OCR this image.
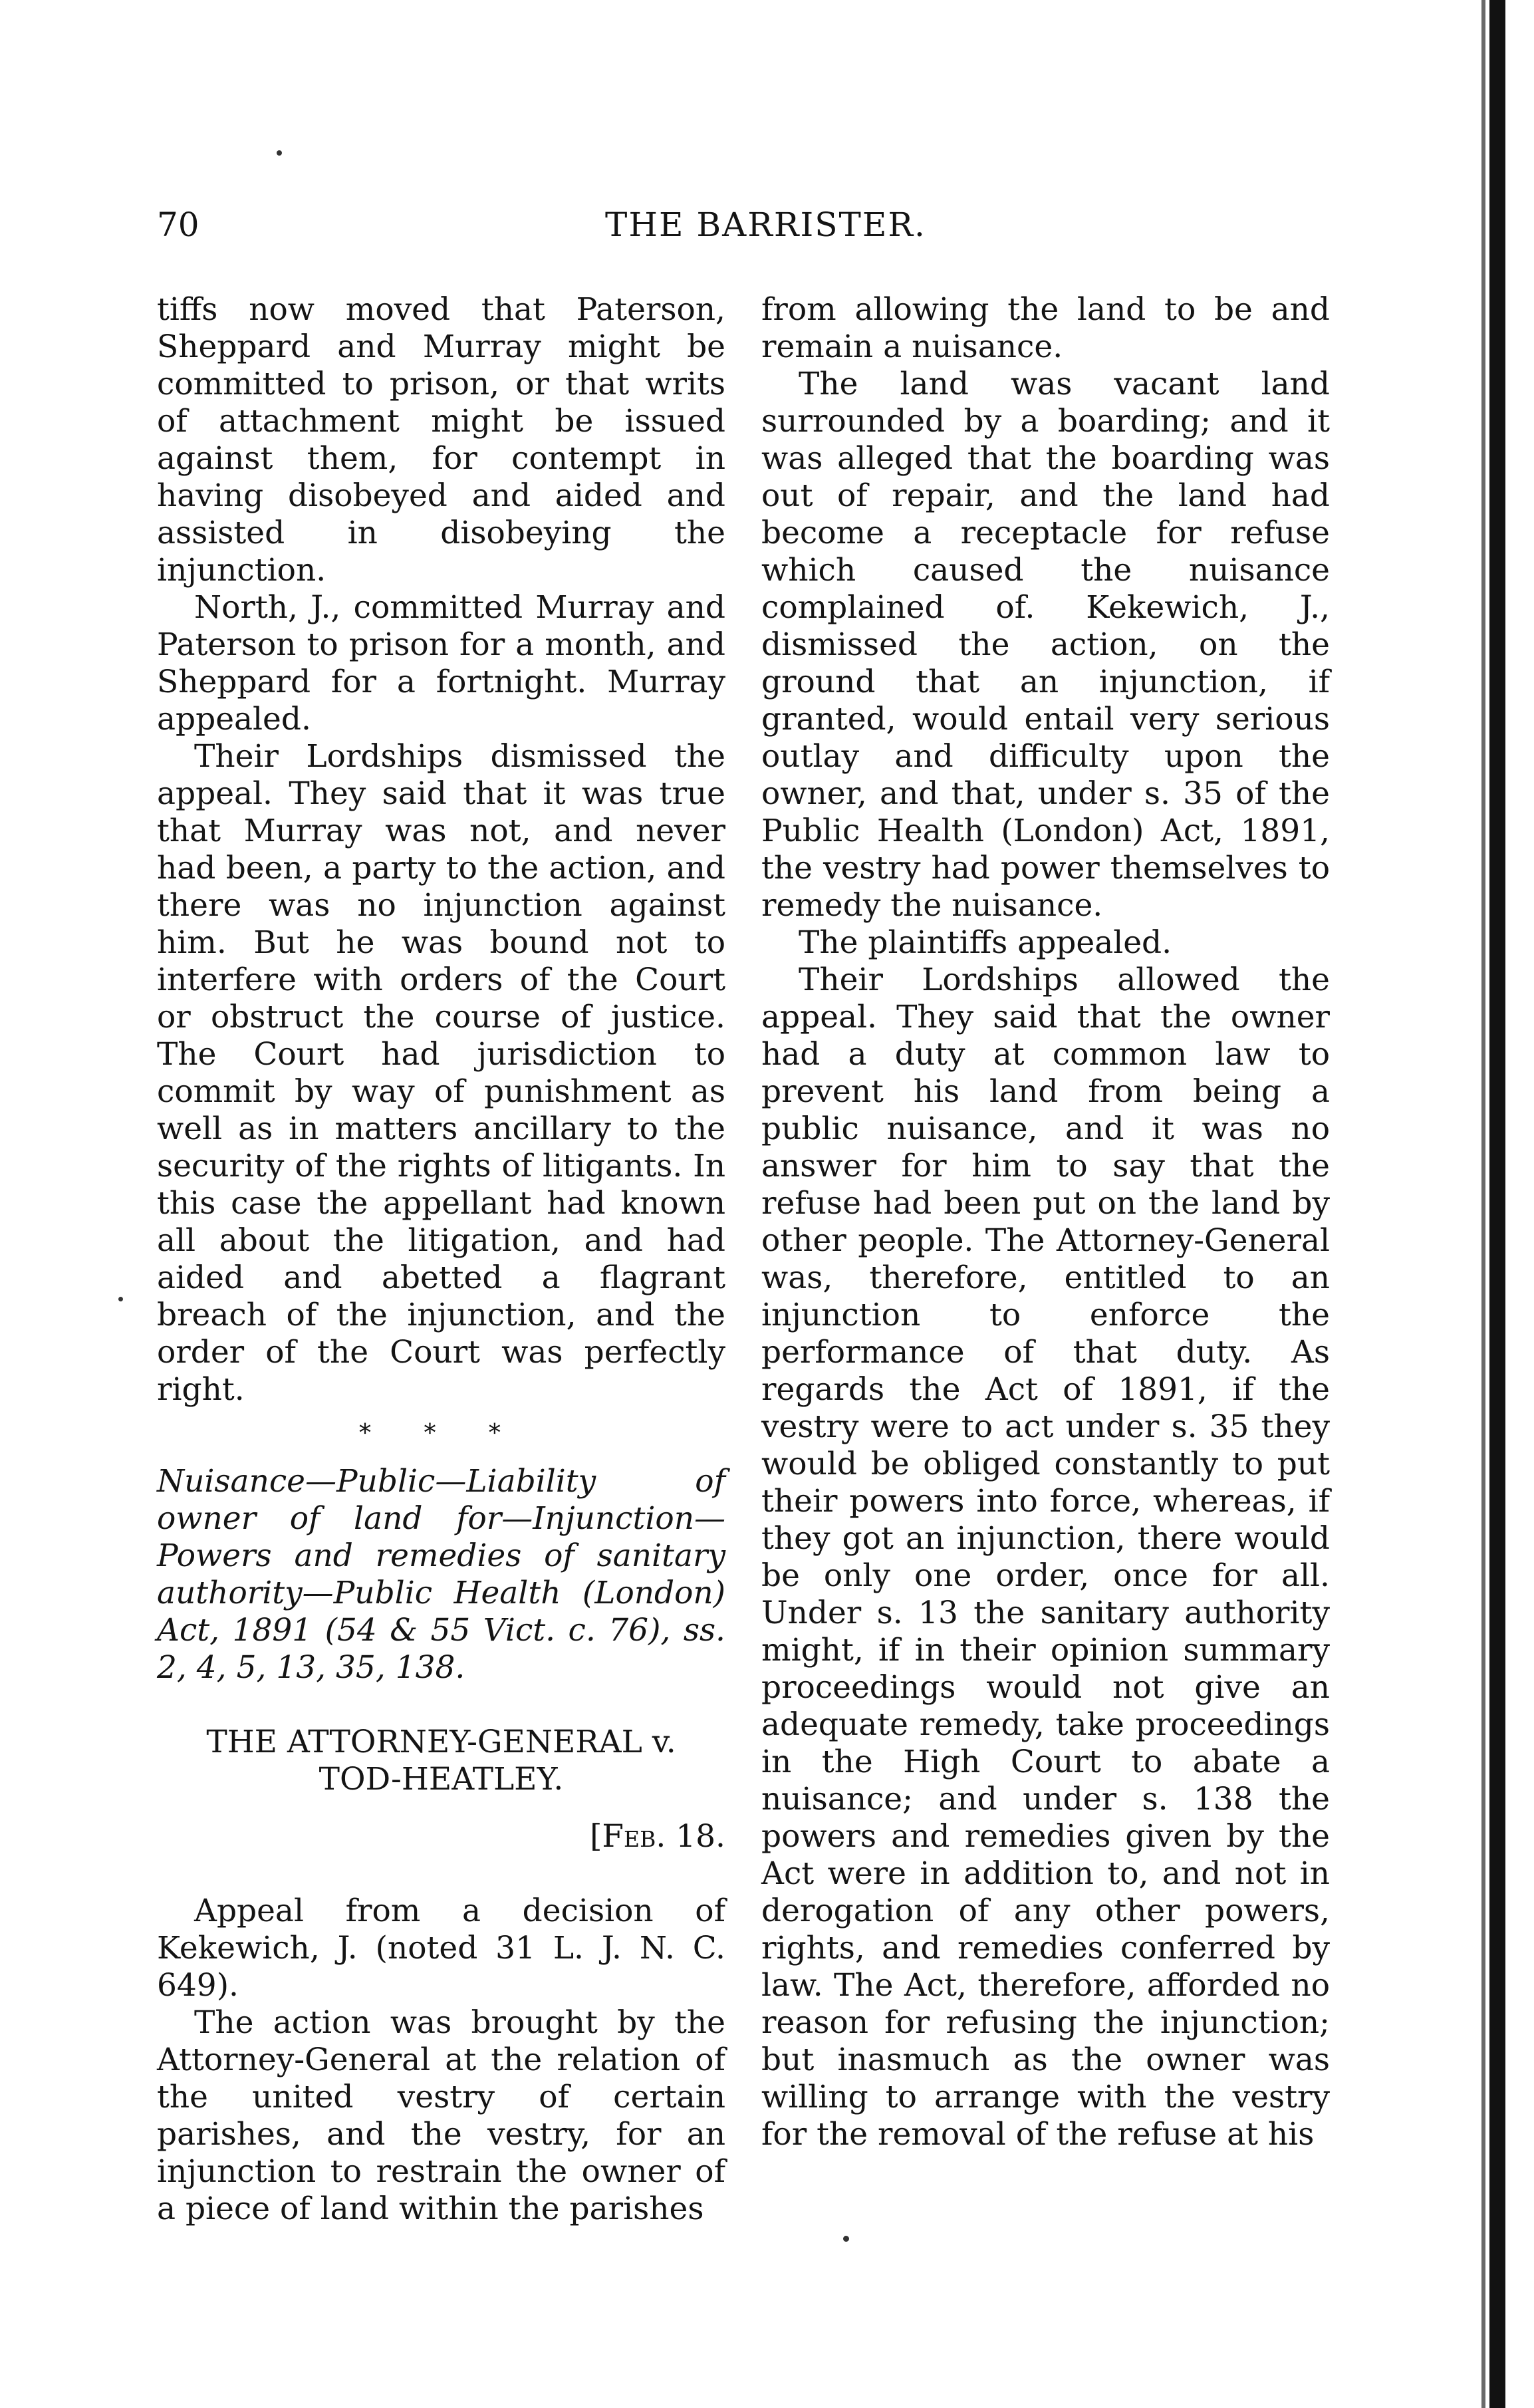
70	THE BARRISTER.

tiffs now moved that Paterson, Sheppard and Murray might be committed to prison, or that writs of attachment might be issued against them, for contempt in having disobeyed and aided and assisted in disobeying the injunction.

North, J., committed Murray and Paterson to prison for a month, and Sheppard for a fortnight. Murray appealed.

Their Lordships dismissed the appeal. They said that it was true that Murray was not, and never had been, a party to the action, and there was no injunction against him. But he was bound not to interfere with orders of the Court or obstruct the course of justice. The Court had jurisdiction to commit by way of punishment as well as in matters ancillary to the security of the rights of litigants. In this case the appellant had known all about the litigation, and had aided and abetted a flagrant breach of the injunction, and the order of the Court was perfectly right.

* * *

Nuisance—Public—Liability of owner of land for—Injunction—Powers and remedies of sanitary authority—Public Health (London) Act, 1891 (54 & 55 Vict. c. 76), ss. 2, 4, 5, 13, 35, 138.

THE ATTORNEY-GENERAL v.

TOD-HEATLEY.

[Feb. 18.

Appeal from a decision of Kekewich, J. (noted 31 L. J. N. C. 649).

The action was brought by the Attorney-General at the relation of the united vestry of certain parishes, and the vestry, for an injunction to restrain the owner of a piece of land within the parishes

from allowing the land to be and remain a nuisance.

The land was vacant land surrounded by a boarding; and it was alleged that the boarding was out of repair, and the land had become a receptacle for refuse which caused the nuisance complained of. Kekewich, J., dismissed the action, on the ground that an injunction, if granted, would entail very serious outlay and difficulty upon the owner, and that, under s. 35 of the Public Health (London) Act, 1891, the vestry had power themselves to remedy the nuisance.

The plaintiffs appealed.

Their Lordships allowed the appeal. They said that the owner had a duty at common law to prevent his land from being a public nuisance, and it was no answer for him to say that the refuse had been put on the land by other people. The Attorney-General was, therefore, entitled to an injunction to enforce the performance of that duty. As regards the Act of 1891, if the vestry were to act under s. 35 they would be obliged constantly to put their powers into force, whereas, if they got an injunction, there would be only one order, once for all. Under s. 13 the sanitary authority might, if in their opinion summary proceedings would not give an adequate remedy, take proceedings in the High Court to abate a nuisance; and under s. 138 the powers and remedies given by the Act were in addition to, and not in derogation of any other powers, rights, and remedies conferred by law. The Act, therefore, afforded no reason for refusing the injunction; but inasmuch as the owner was willing to arrange with the vestry for the removal of the refuse at his
